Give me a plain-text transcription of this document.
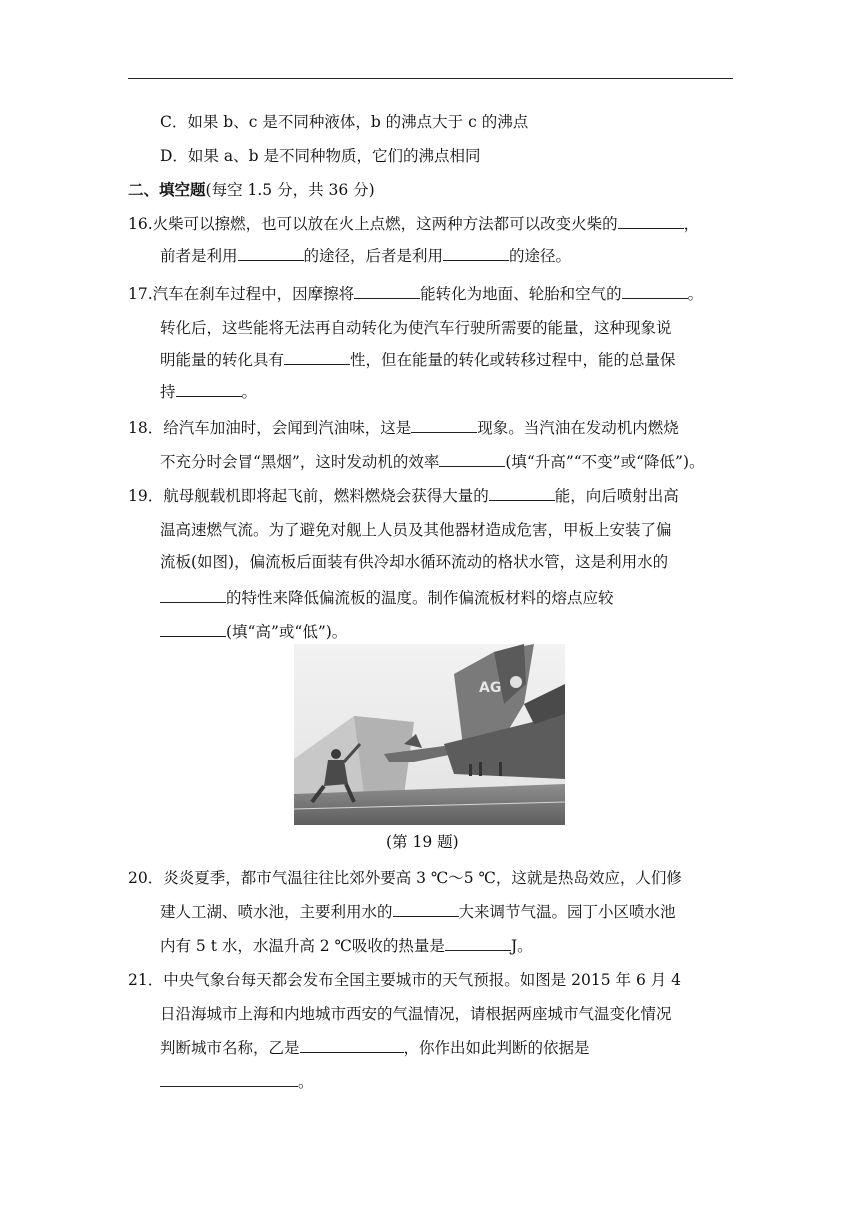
C．如果 b、c 是不同种液体，b 的沸点大于 c 的沸点
D．如果 a、b 是不同种物质，它们的沸点相同
二、填空题(每空 1.5 分，共 36 分)
16.火柴可以擦燃，也可以放在火上点燃，这两种方法都可以改变火柴的	，
前者是利用	的途径，后者是利用	的途径。
17.汽车在刹车过程中，因摩擦将	能转化为地面、轮胎和空气的	。
转化后，这些能将无法再自动转化为使汽车行驶所需要的能量，这种现象说
明能量的转化具有	性，但在能量的转化或转移过程中，能的总量保
持	。
18．给汽车加油时，会闻到汽油味，这是	现象。当汽油在发动机内燃烧
不充分时会冒“黑烟”，这时发动机的效率	(填“升高”“不变”或“降低”)。
19．航母舰载机即将起飞前，燃料燃烧会获得大量的	能，向后喷射出高
温高速燃气流。为了避免对舰上人员及其他器材造成危害，甲板上安装了偏
流板(如图)，偏流板后面装有供冷却水循环流动的格状水管，这是利用水的
的特性来降低偏流板的温度。制作偏流板材料的熔点应较
(填“高”或“低”)。
AG
(第 19 题)
20．炎炎夏季，都市气温往往比郊外要高 3 ℃～5 ℃，这就是热岛效应，人们修
建人工湖、喷水池，主要利用水的	大来调节气温。园丁小区喷水池
内有 5 t 水，水温升高 2 ℃吸收的热量是	J。
21．中央气象台每天都会发布全国主要城市的天气预报。如图是 2015 年 6 月 4
日沿海城市上海和内地城市西安的气温情况，请根据两座城市气温变化情况
判断城市名称，乙是	，你作出如此判断的依据是
。
